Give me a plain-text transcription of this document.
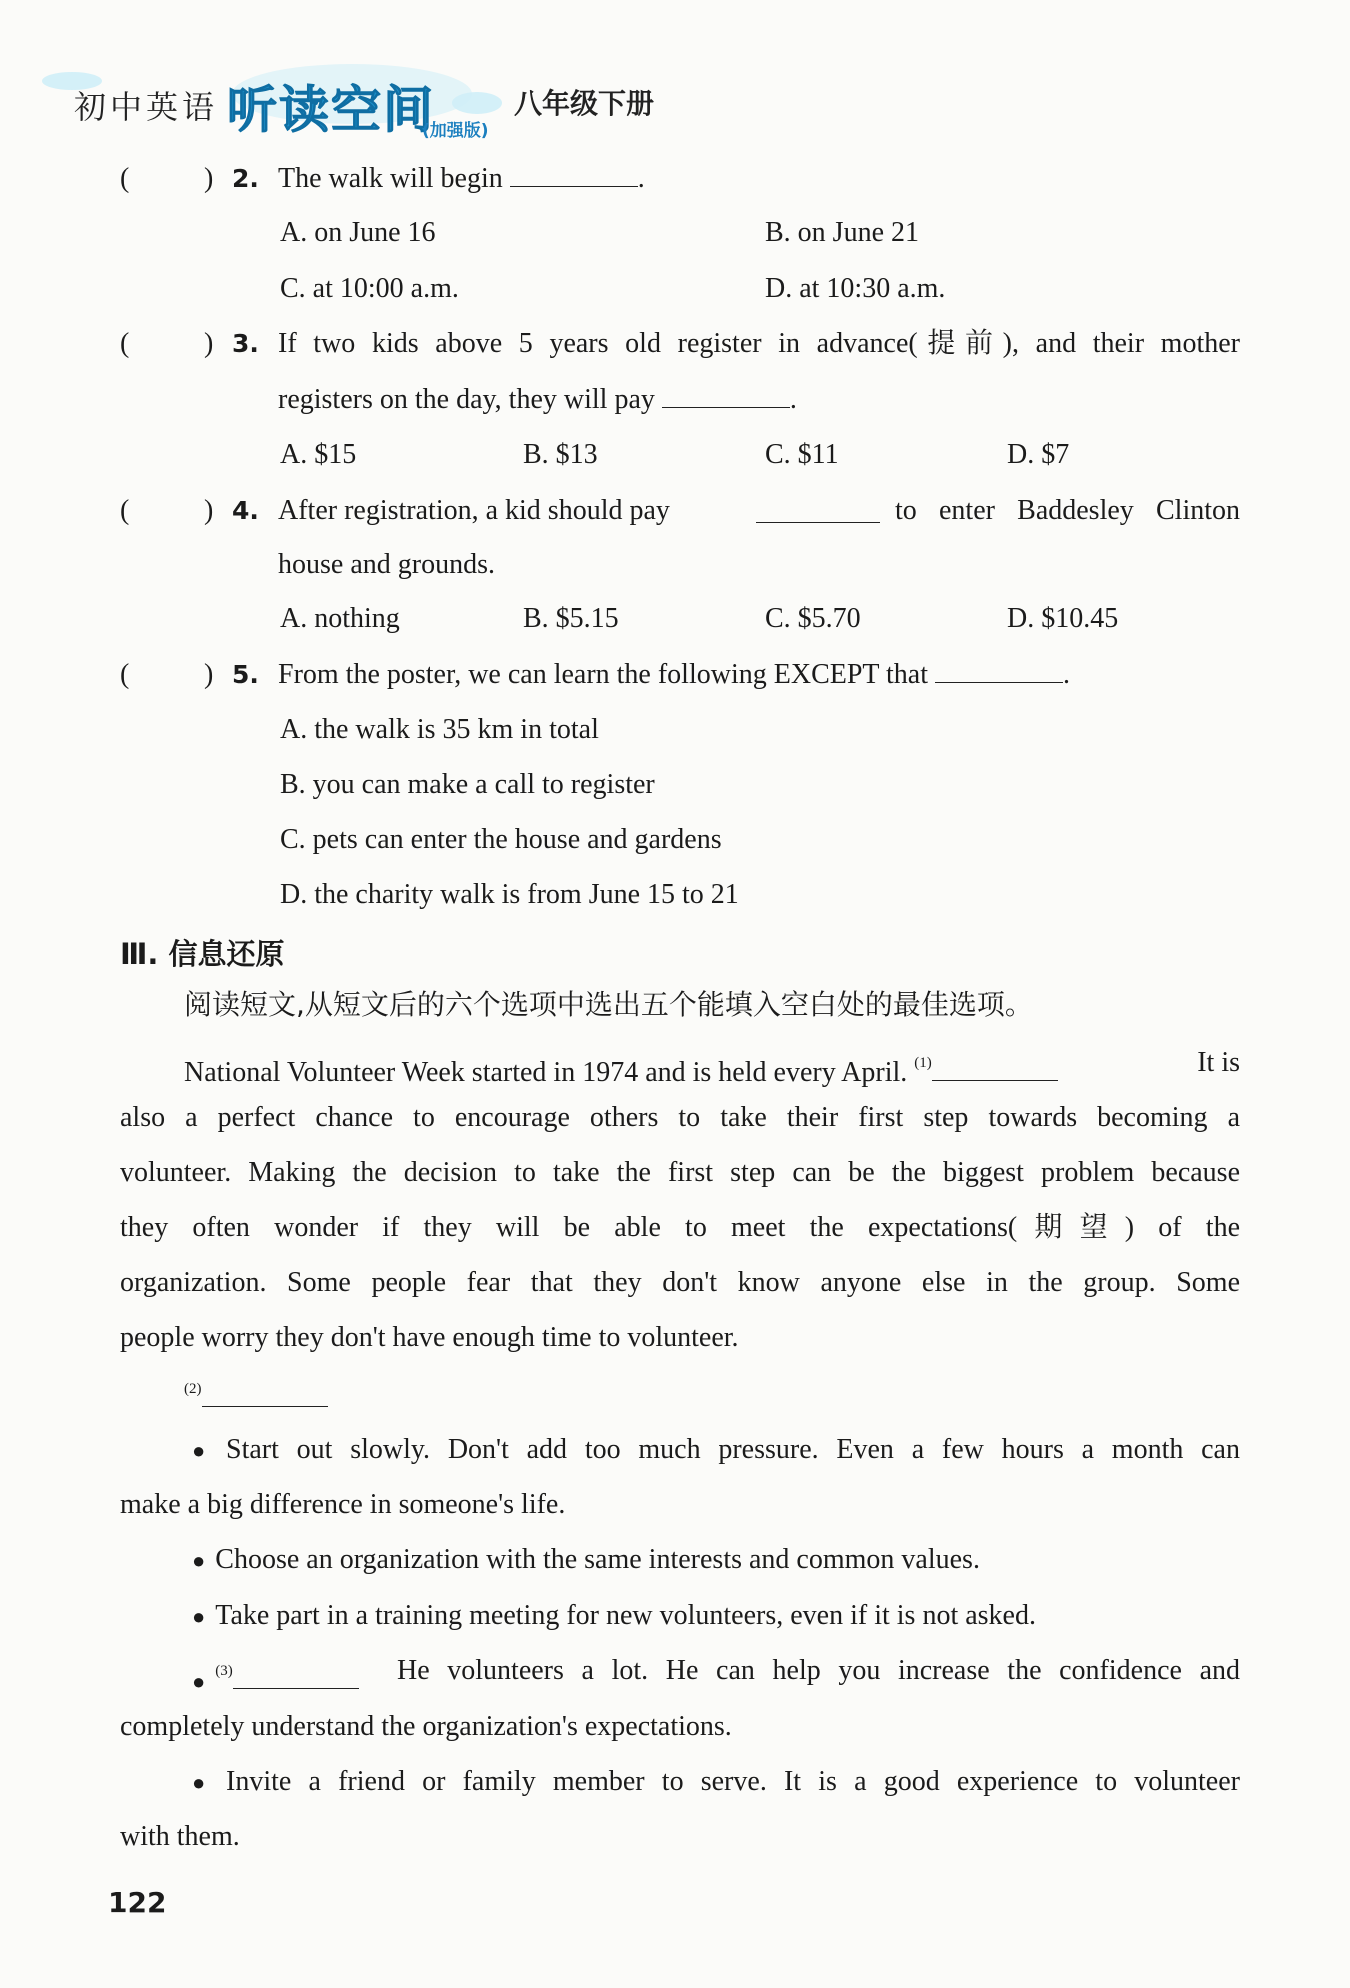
初中英语 听读空间
(加强版)
八年级下册
(	) 2. The walk will begin	.
A. on June 16	B. on June 21
C. at 10:00 a.m.	D. at 10:30 a.m.
(	) 3. If two kids above 5 years old register in advance(提前), and their mother
registers on the day, they will pay	.
A. $15	B. $13	C. $11	D. $7
(	) 4. After registration, a kid should pay	to enter Baddesley Clinton
house and grounds.
A. nothing	B. $5.15	C. $5.70	D. $10.45
(	) 5. From the poster, we can learn the following EXCEPT that	.
A. the walk is 35 km in total
B. you can make a call to register
C. pets can enter the house and gardens
D. the charity walk is from June 15 to 21
Ⅲ. 信息还原
阅读短文,从短文后的六个选项中选出五个能填入空白处的最佳选项。
National Volunteer Week started in 1974 and is held every April. $^{(1)}$	It is
also a perfect chance to encourage others to take their first step towards becoming a
volunteer. Making the decision to take the first step can be the biggest problem because
they often wonder if they will be able to meet the expectations(期望) of the
organization. Some people fear that they don't know anyone else in the group. Some
people worry they don't have enough time to volunteer.
$^{(2)}$
● Start out slowly. Don't add too much pressure. Even a few hours a month can
make a big difference in someone's life.
● Choose an organization with the same interests and common values.
● Take part in a training meeting for new volunteers, even if it is not asked.
● $^{(3)}$	He volunteers a lot. He can help you increase the confidence and
completely understand the organization's expectations.
● Invite a friend or family member to serve. It is a good experience to volunteer
with them.
122
